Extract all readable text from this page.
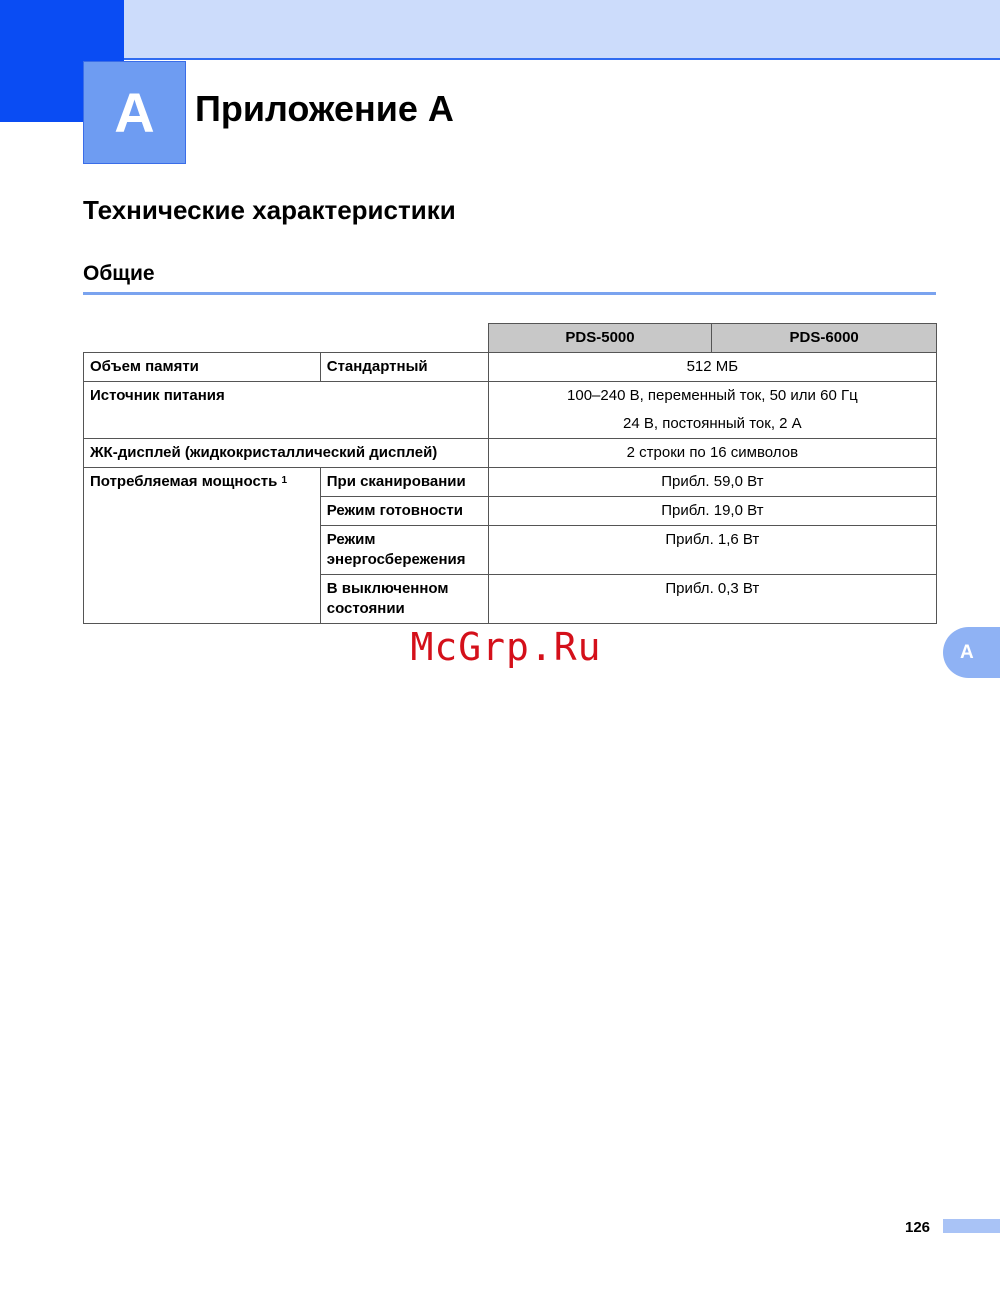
A	Приложение А
Технические характеристики
Общие
		PDS-5000	PDS-6000
Объем памяти	Стандартный	512 МБ	
Источник питания		100–240 В, переменный ток, 50 или 60 Гц	
		24 В, постоянный ток, 2 А	
ЖК-дисплей (жидкокристаллический дисплей)		2 строки по 16 символов	
Потребляемая мощность $^1$	При сканировании	Прибл. 59,0 Вт	
	Режим готовности	Прибл. 19,0 Вт	
	Режим энергосбережения	Прибл. 1,6 Вт	
	В выключенном состоянии	Прибл. 0,3 Вт	
McGrp.Ru	A
126
